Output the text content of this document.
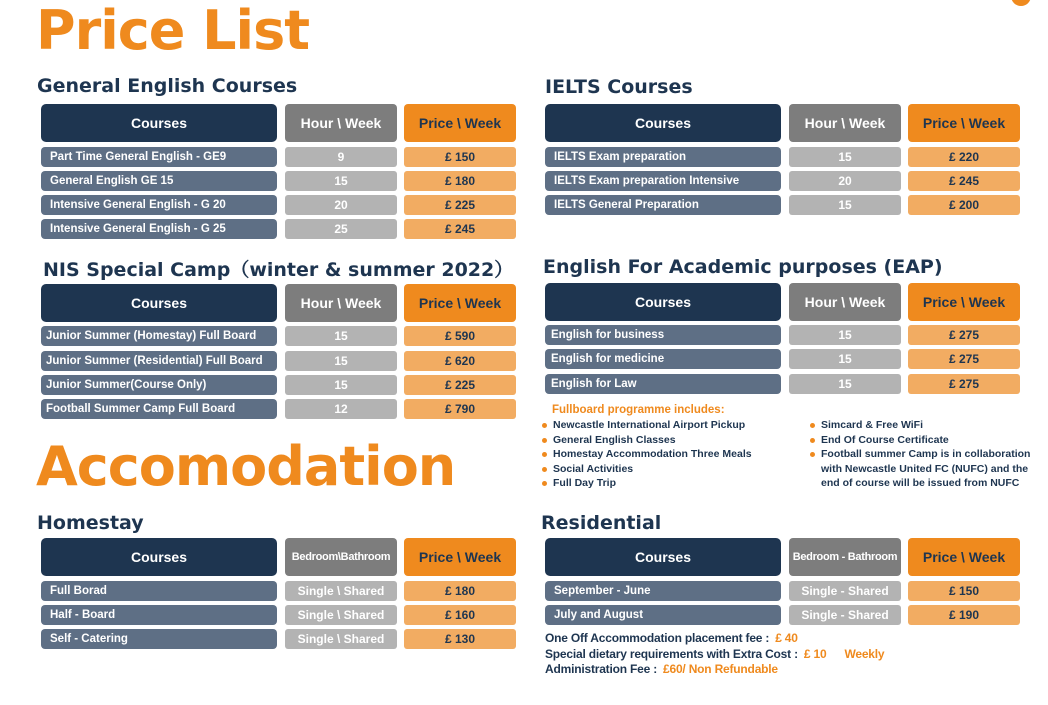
Price List
General English Courses
Courses	Hour \ Week	Price \ Week
Part Time General English - GE9	9	£ 150
General English GE 15	15	£ 180
Intensive General English - G 20	20	£ 225
Intensive General English - G 25	25	£ 245
IELTS Courses
Courses	Hour \ Week	Price \ Week
IELTS Exam preparation	15	£ 220
IELTS Exam preparation Intensive	20	£ 245
IELTS General Preparation	15	£ 200
NIS Special Camp（winter & summer 2022）
Courses	Hour \ Week	Price \ Week
Junior Summer (Homestay) Full Board	15	£ 590
Junior Summer (Residential) Full Board	15	£ 620
Junior Summer(Course Only)	15	£ 225
Football Summer Camp Full Board	12	£ 790
English For Academic purposes (EAP)
Courses	Hour \ Week	Price \ Week
English for business	15	£ 275
English for medicine	15	£ 275
English for Law	15	£ 275
Fullboard programme includes:
Newcastle International Airport Pickup
General English Classes
Homestay Accommodation Three Meals
Social Activities
Full Day Trip
Simcard & Free WiFi
End Of Course Certificate
Football summer Camp is in collaboration with Newcastle United FC (NUFC) and the end of course will be issued from NUFC
Accomodation
Homestay
Courses	Bedroom\Bathroom	Price \ Week
Full Borad	Single \ Shared	£ 180
Half - Board	Single \ Shared	£ 160
Self - Catering	Single \ Shared	£ 130
Residential
Courses	Bedroom - Bathroom	Price \ Week
September - June	Single - Shared	£ 150
July and August	Single - Shared	£ 190
One Off Accommodation placement fee : £ 40
Special dietary requirements with Extra Cost : £ 10 Weekly
Administration Fee : £60/ Non Refundable
